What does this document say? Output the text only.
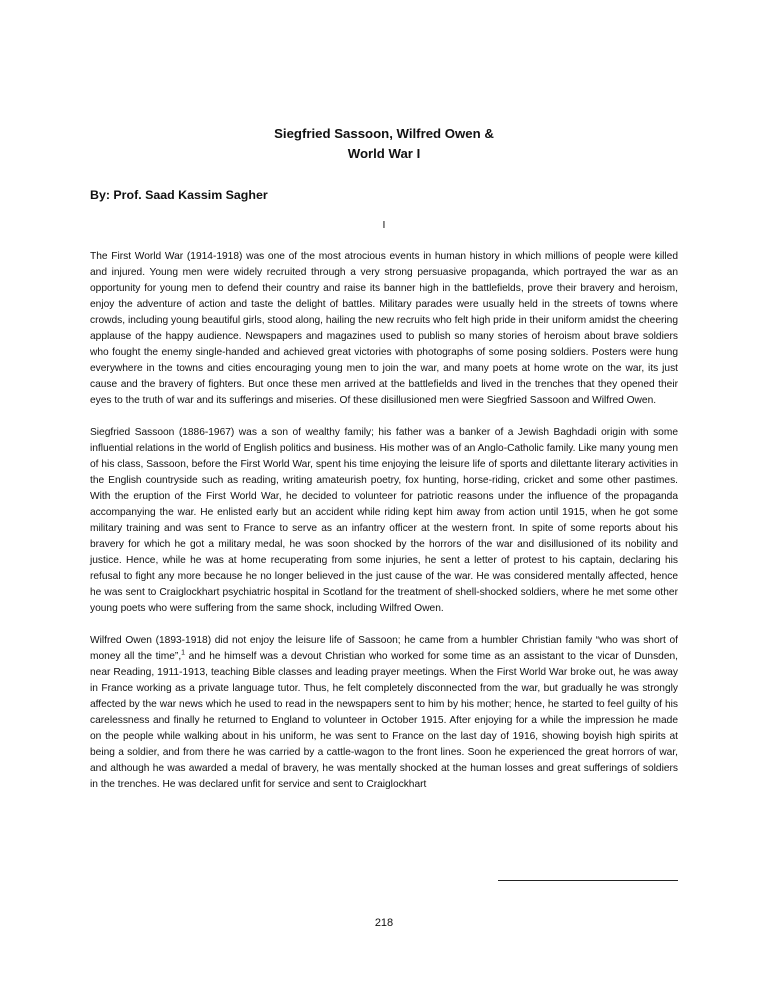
Siegfried Sassoon, Wilfred Owen &
World War I
By: Prof. Saad Kassim Sagher
I

The First World War (1914-1918) was one of the most atrocious events in human history in which millions of people were killed and injured. Young men were widely recruited through a very strong persuasive propaganda, which portrayed the war as an opportunity for young men to defend their country and raise its banner high in the battlefields, prove their bravery and heroism, enjoy the adventure of action and taste the delight of battles. Military parades were usually held in the streets of towns where crowds, including young beautiful girls, stood along, hailing the new recruits who felt high pride in their uniform amidst the cheering applause of the happy audience. Newspapers and magazines used to publish so many stories of heroism about brave soldiers who fought the enemy single-handed and achieved great victories with photographs of some posing soldiers. Posters were hung everywhere in the towns and cities encouraging young men to join the war, and many poets at home wrote on the war, its just cause and the bravery of fighters. But once these men arrived at the battlefields and lived in the trenches that they opened their eyes to the truth of war and its sufferings and miseries. Of these disillusioned men were Siegfried Sassoon and Wilfred Owen.

Siegfried Sassoon (1886-1967) was a son of wealthy family; his father was a banker of a Jewish Baghdadi origin with some influential relations in the world of English politics and business. His mother was of an Anglo-Catholic family. Like many young men of his class, Sassoon, before the First World War, spent his time enjoying the leisure life of sports and dilettante literary activities in the English countryside such as reading, writing amateurish poetry, fox hunting, horse-riding, cricket and some other pastimes. With the eruption of the First World War, he decided to volunteer for patriotic reasons under the influence of the propaganda accompanying the war. He enlisted early but an accident while riding kept him away from action until 1915, when he got some military training and was sent to France to serve as an infantry officer at the western front. In spite of some reports about his bravery for which he got a military medal, he was soon shocked by the horrors of the war and disillusioned of its nobility and justice. Hence, while he was at home recuperating from some injuries, he sent a letter of protest to his captain, declaring his refusal to fight any more because he no longer believed in the just cause of the war. He was considered mentally affected, hence he was sent to Craiglockhart psychiatric hospital in Scotland for the treatment of shell-shocked soldiers, where he met some other young poets who were suffering from the same shock, including Wilfred Owen.

Wilfred Owen (1893-1918) did not enjoy the leisure life of Sassoon; he came from a humbler Christian family “who was short of money all the time”,$^1$ and he himself was a devout Christian who worked for some time as an assistant to the vicar of Dunsden, near Reading, 1911-1913, teaching Bible classes and leading prayer meetings. When the First World War broke out, he was away in France working as a private language tutor. Thus, he felt completely disconnected from the war, but gradually he was strongly affected by the war news which he used to read in the newspapers sent to him by his mother; hence, he started to feel guilty of his carelessness and finally he returned to England to volunteer in October 1915. After enjoying for a while the impression he made on the people while walking about in his uniform, he was sent to France on the last day of 1916, showing boyish high spirits at being a soldier, and from there he was carried by a cattle-wagon to the front lines. Soon he experienced the great horrors of war, and although he was awarded a medal of bravery, he was mentally shocked at the human losses and great sufferings of soldiers in the trenches. He was declared unfit for service and sent to Craiglockhart

218
